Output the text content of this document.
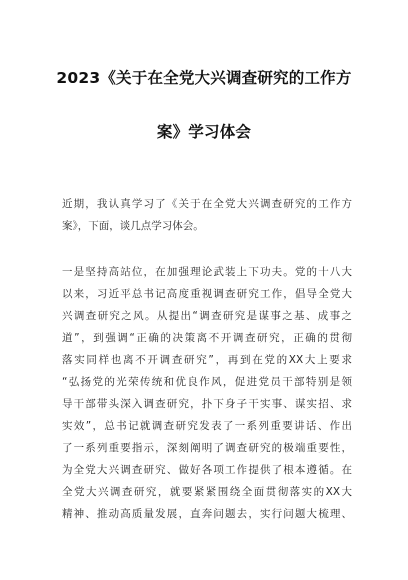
2023《关于在全党大兴调查研究的工作方
案》学习体会
近期，我认真学习了《关于在全党大兴调查研究的工作方
案》，下面，谈几点学习体会。
一是坚持高站位，在加强理论武装上下功夫。党的十八大
以来，习近平总书记高度重视调查研究工作，倡导全党大
兴调查研究之风。从提出“调查研究是谋事之基、成事之
道”，到强调“正确的决策离不开调查研究，正确的贯彻
落实同样也离不开调查研究”，再到在党的XX大上要求
“弘扬党的光荣传统和优良作风，促进党员干部特别是领
导干部带头深入调查研究，扑下身子干实事、谋实招、求
实效”，总书记就调查研究发表了一系列重要讲话、作出
了一系列重要指示，深刻阐明了调查研究的极端重要性，
为全党大兴调查研究、做好各项工作提供了根本遵循。在
全党大兴调查研究，就要紧紧围绕全面贯彻落实的XX大
精神、推动高质量发展，直奔问题去，实行问题大梳理、
